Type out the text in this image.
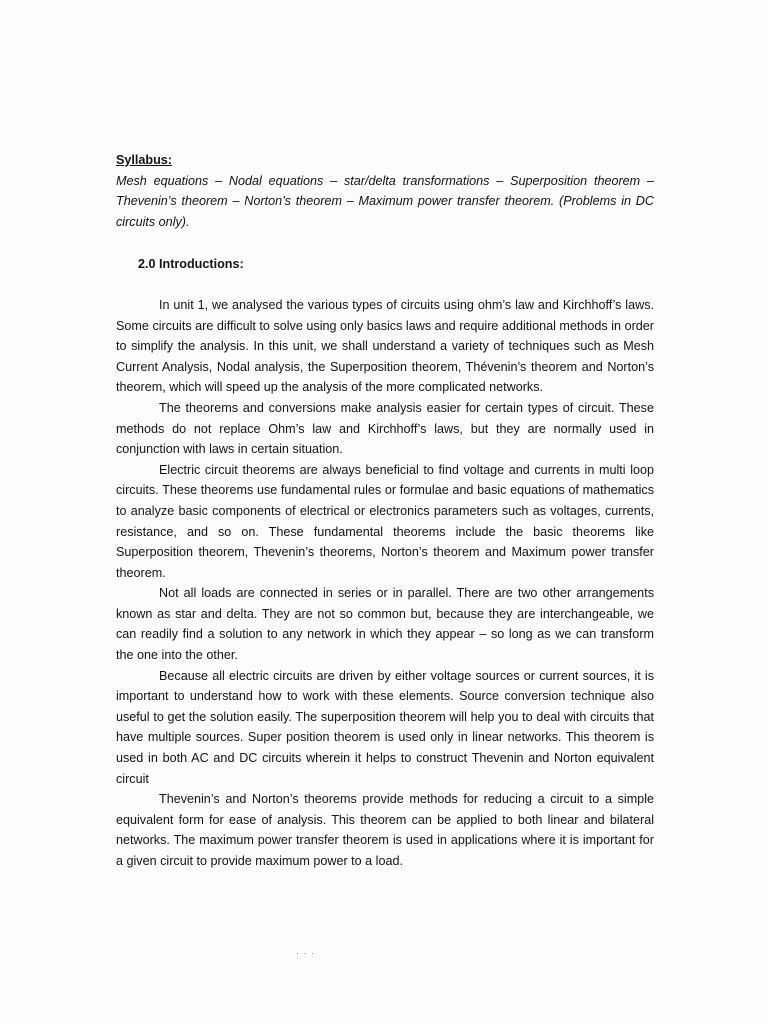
Syllabus:

Mesh equations – Nodal equations – star/delta transformations – Superposition theorem – Thevenin’s theorem – Norton’s theorem – Maximum power transfer theorem. (Problems in DC circuits only).

2.0 Introductions:

In unit 1, we analysed the various types of circuits using ohm’s law and Kirchhoff’s laws. Some circuits are difficult to solve using only basics laws and require additional methods in order to simplify the analysis. In this unit, we shall understand a variety of techniques such as Mesh Current Analysis, Nodal analysis, the Superposition theorem, Thévenin’s theorem and Norton’s theorem, which will speed up the analysis of the more complicated networks.

The theorems and conversions make analysis easier for certain types of circuit. These methods do not replace Ohm’s law and Kirchhoff’s laws, but they are normally used in conjunction with laws in certain situation.

Electric circuit theorems are always beneficial to find voltage and currents in multi loop circuits. These theorems use fundamental rules or formulae and basic equations of mathematics to analyze basic components of electrical or electronics parameters such as voltages, currents, resistance, and so on. These fundamental theorems include the basic theorems like Superposition theorem, Thevenin’s theorems, Norton’s theorem and Maximum power transfer theorem.

Not all loads are connected in series or in parallel. There are two other arrangements known as star and delta. They are not so common but, because they are interchangeable, we can readily find a solution to any network in which they appear – so long as we can transform the one into the other.

Because all electric circuits are driven by either voltage sources or current sources, it is important to understand how to work with these elements. Source conversion technique also useful to get the solution easily. The superposition theorem will help you to deal with circuits that have multiple sources. Super position theorem is used only in linear networks. This theorem is used in both AC and DC circuits wherein it helps to construct Thevenin and Norton equivalent circuit

Thevenin’s and Norton’s theorems provide methods for reducing a circuit to a simple equivalent form for ease of analysis. This theorem can be applied to both linear and bilateral networks. The maximum power transfer theorem is used in applications where it is important for a given circuit to provide maximum power to a load.

· · ·
